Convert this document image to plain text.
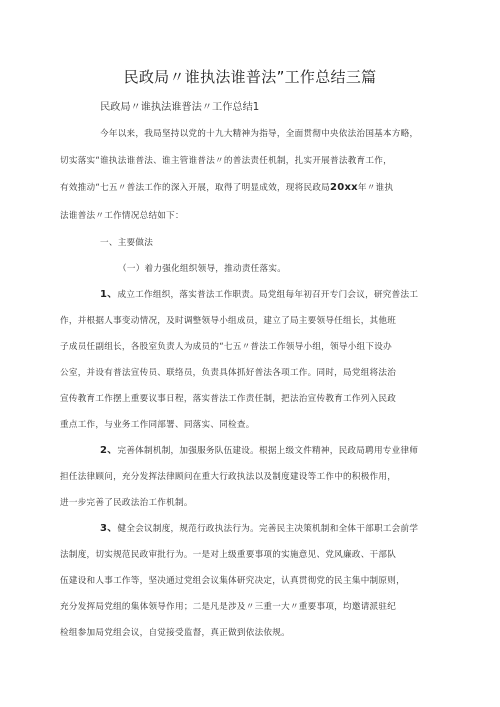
民政局〃谁执法谁普法”工作总结三篇
民政局〃谁执法谁普法〃工作总结1
今年以来，我局坚持以党的十九大精神为指导，全面贯彻中央依法治国基本方略，
切实落实“谁执法谁普法、谁主管谁普法〃的普法责任机制，扎实开展普法教育工作，
有效推动“七五〃普法工作的深入开展，取得了明显成效，现将民政局20xx年〃谁执
法谁普法〃工作情况总结如下：
一、主要做法
（一）着力强化组织领导，推动责任落实。
1、成立工作组织，落实普法工作职责。局党组每年初召开专门会议，研究普法工
作，并根据人事变动情况，及时调整领导小组成员，建立了局主要领导任组长，其他班
子成员任副组长，各股室负责人为成员的“七五〃普法工作领导小组，领导小组下设办
公室，并设有普法宣传员、联络员，负责具体抓好普法各项工作。同时，局党组将法治
宣传教育工作摆上重要议事日程，落实普法工作责任制，把法治宣传教育工作列入民政
重点工作，与业务工作同部署、同落实、同检查。
2、完善体制机制，加强服务队伍建设。根据上级文件精神，民政局聘用专业律师
担任法律顾问，充分发挥法律顾问在重大行政执法以及制度建设等工作中的积极作用，
进一步完善了民政法治工作机制。
3、健全会议制度，规范行政执法行为。完善民主决策机制和全体干部职工会前学
法制度，切实规范民政审批行为。一是对上级重要事项的实施意见、党风廉政、干部队
伍建设和人事工作等，坚决通过党组会议集体研究决定，认真贯彻党的民主集中制原则，
充分发挥局党组的集体领导作用；二是凡是涉及〃三重一大〃重要事项，均邀请派驻纪
检组参加局党组会议，自觉接受监督，真正做到依法依规。
